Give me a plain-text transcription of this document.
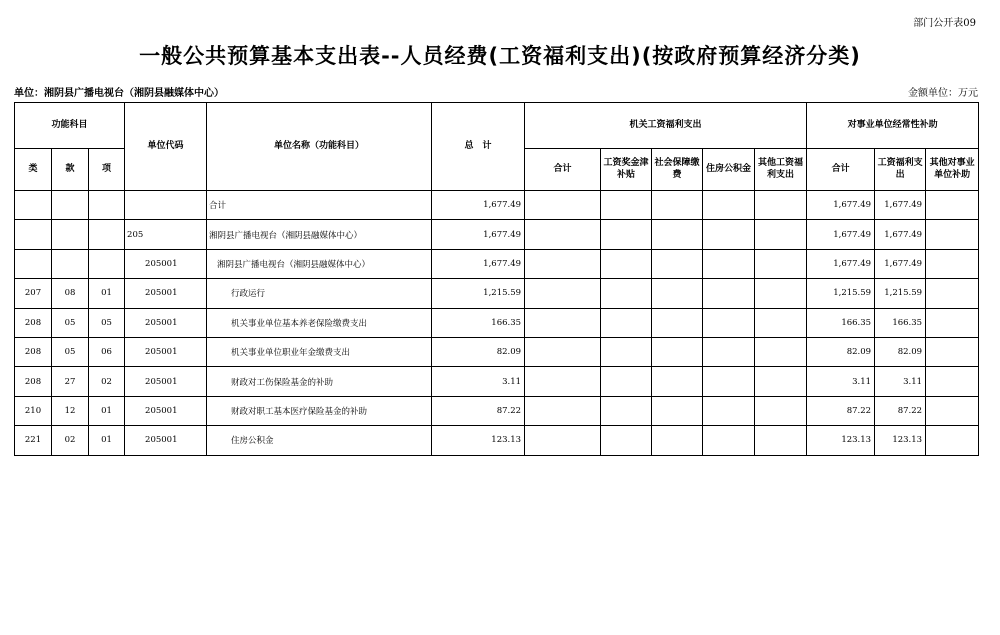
部门公开表09
一般公共预算基本支出表--人员经费(工资福利支出)(按政府预算经济分类)
单位：湘阴县广播电视台（湘阴县融媒体中心）	金额单位：万元
功能科目			单位代码	单位名称（功能科目）	总　计	机关工资福利支出					对事业单位经常性补助		
类	款	项				合计	工资奖金津补贴	社会保障缴费	住房公积金	其他工资福利支出	合计	工资福利支出	其他对事业单位补助
				合计	1,677.49						1,677.49	1,677.49	
			205	湘阴县广播电视台（湘阴县融媒体中心）	1,677.49						1,677.49	1,677.49	
			205001	湘阴县广播电视台（湘阴县融媒体中心）	1,677.49						1,677.49	1,677.49	
207	08	01	205001	行政运行	1,215.59						1,215.59	1,215.59	
208	05	05	205001	机关事业单位基本养老保险缴费支出	166.35						166.35	166.35	
208	05	06	205001	机关事业单位职业年金缴费支出	82.09						82.09	82.09	
208	27	02	205001	财政对工伤保险基金的补助	3.11						3.11	3.11	
210	12	01	205001	财政对职工基本医疗保险基金的补助	87.22						87.22	87.22	
221	02	01	205001	住房公积金	123.13						123.13	123.13	
